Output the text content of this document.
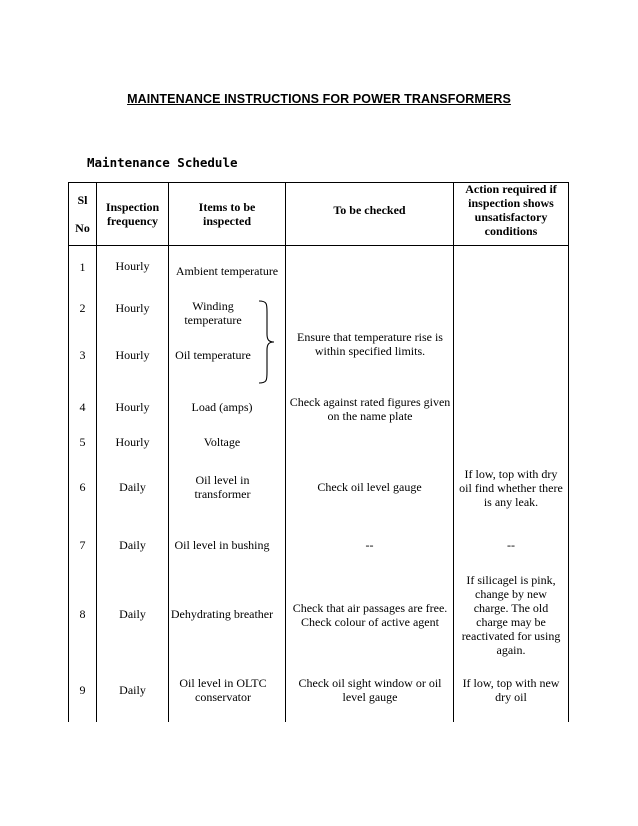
MAINTENANCE INSTRUCTIONS FOR POWER TRANSFORMERS
Maintenance Schedule
Sl
No
Inspection frequency
Items to be inspected
To be checked
Action required if inspection shows unsatisfactory conditions
1
2
3
4
5
6
7
8
9
Hourly
Hourly
Hourly
Hourly
Hourly
Daily
Daily
Daily
Daily
Ambient temperature
Winding temperature
Oil temperature
Load (amps)
Voltage
Oil level in transformer
Oil level in bushing
Dehydrating breather
Oil level in OLTC conservator
Ensure that temperature rise is within specified limits.
Check against rated figures given on the name plate
Check oil level gauge
--
Check that air passages are free. Check colour of active agent
Check oil sight window or oil level gauge
If low, top with dry oil find whether there is any leak.
--
If silicagel is pink, change by new charge. The old charge may be reactivated for using again.
If low, top with new dry oil
